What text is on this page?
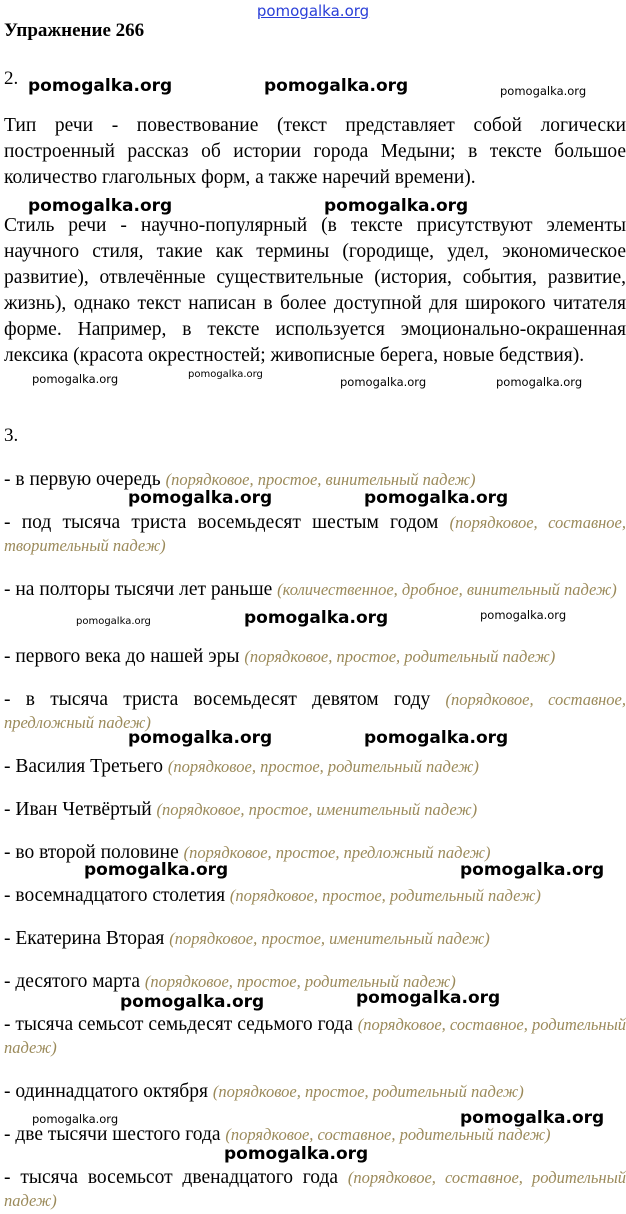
pomogalka.org
Упражнение 266
2.
Тип речи - повествование (текст представляет собой логически построенный рассказ об истории города Медыни; в тексте большое количество глагольных форм, а также наречий времени).
Стиль речи - научно-популярный (в тексте присутствуют элементы научного стиля, такие как термины (городище, удел, экономическое развитие), отвлечённые существительные (история, события, развитие, жизнь), однако текст написан в более доступной для широкого читателя форме. Например, в тексте используется эмоционально-окрашенная лексика (красота окрестностей; живописные берега, новые бедствия).
3.
- в первую очередь (порядковое, простое, винительный падеж)
- под тысяча триста восемьдесят шестым годом (порядковое, составное, творительный падеж)
- на полторы тысячи лет раньше (количественное, дробное, винительный падеж)
- первого века до нашей эры (порядковое, простое, родительный падеж)
- в тысяча триста восемьдесят девятом году (порядковое, составное, предложный падеж)
- Василия Третьего (порядковое, простое, родительный падеж)
- Иван Четвёртый (порядковое, простое, именительный падеж)
- во второй половине (порядковое, простое, предложный падеж)
- восемнадцатого столетия (порядковое, простое, родительный падеж)
- Екатерина Вторая (порядковое, простое, именительный падеж)
- десятого марта (порядковое, простое, родительный падеж)
- тысяча семьсот семьдесят седьмого года (порядковое, составное, родительный падеж)
- одиннадцатого октября (порядковое, простое, родительный падеж)
- две тысячи шестого года (порядковое, составное, родительный падеж)
- тысяча восемьсот двенадцатого года (порядковое, составное, родительный падеж)
pomogalka.org	pomogalka.org	pomogalka.org
pomogalka.org	pomogalka.org
pomogalka.org	pomogalka.org
pomogalka.org	pomogalka.org
pomogalka.org	pomogalka.org
pomogalka.org	pomogalka.org	pomogalka.org
pomogalka.org	pomogalka.org
pomogalka.org	pomogalka.org
pomogalka.org	pomogalka.org
pomogalka.org	pomogalka.org
pomogalka.org
